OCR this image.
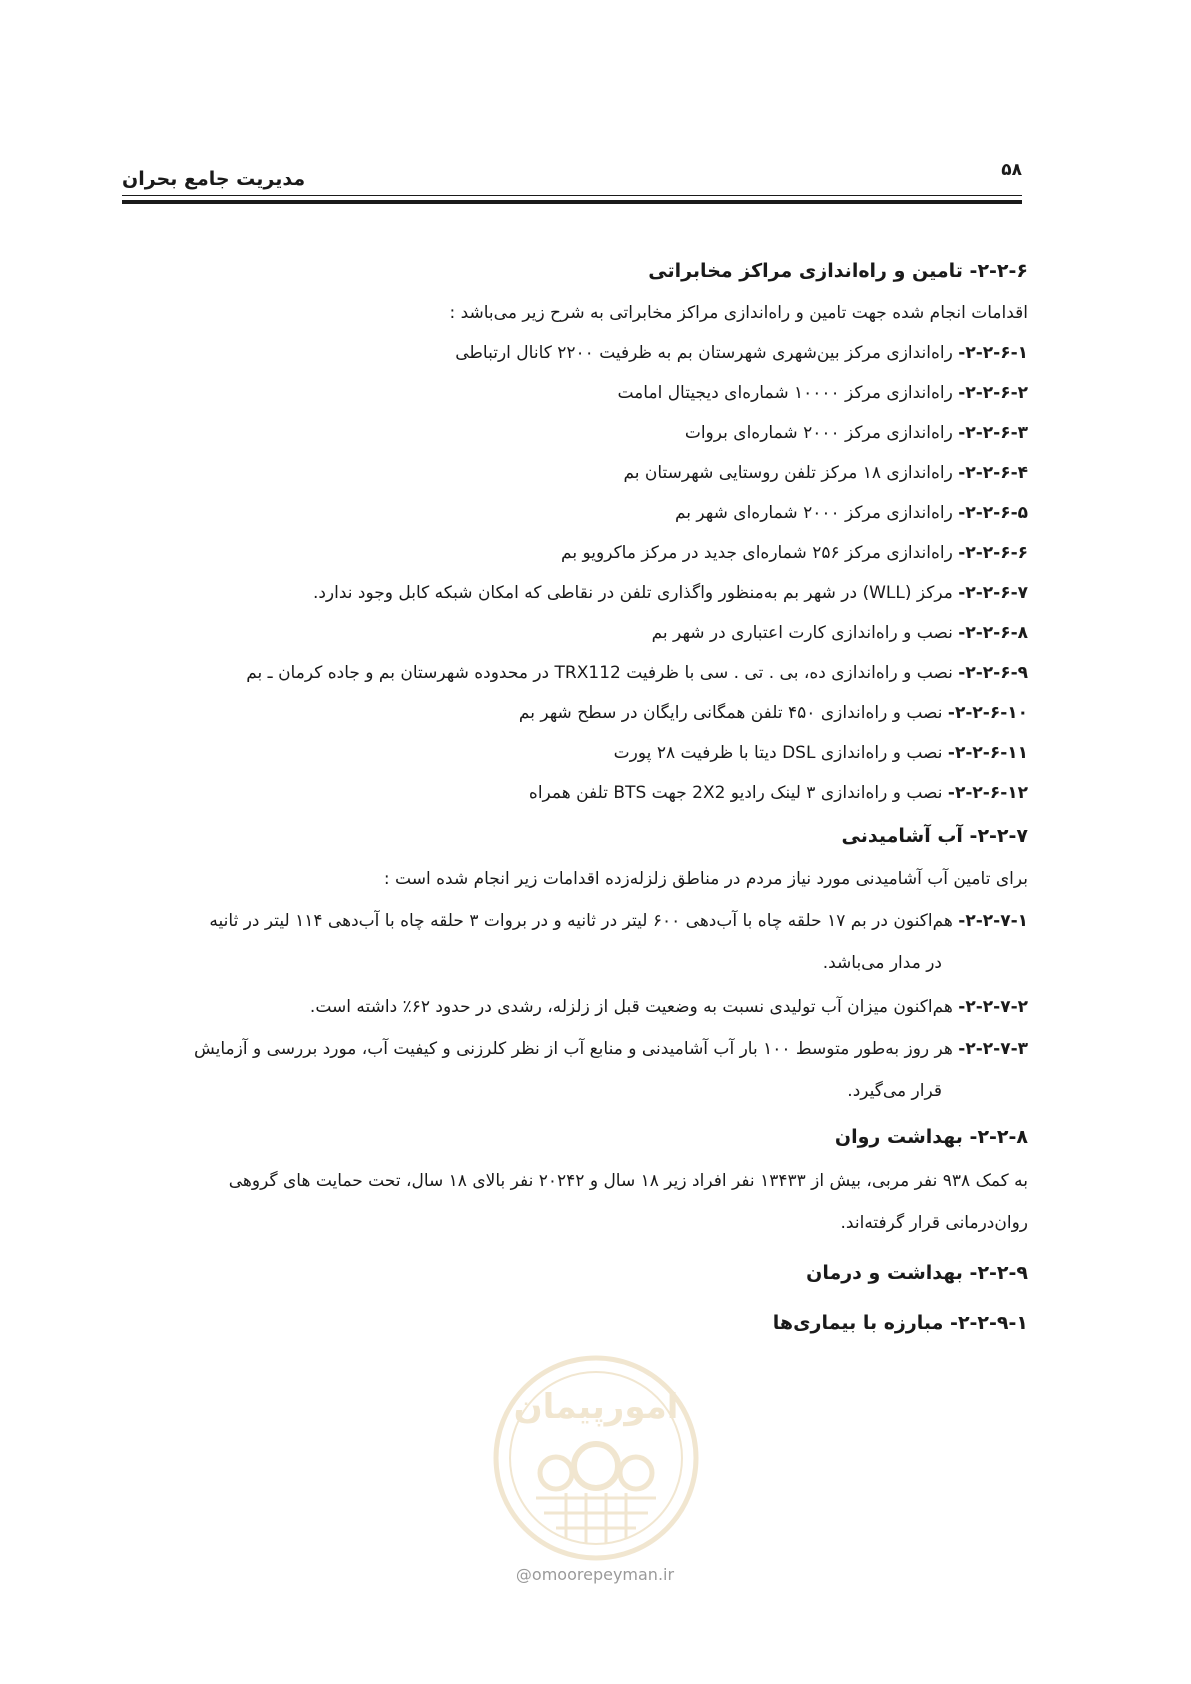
۵۸
مدیریت جامع بحران
۲-۲-۶- تامین و راه‌اندازی مراکز مخابراتی
اقدامات انجام شده جهت تامین و راه‌اندازی مراکز مخابراتی به شرح زیر می‌باشد :
۲-۲-۶-۱- راه‌اندازی مرکز بین‌شهری شهرستان بم به ظرفیت ۲۲۰۰ کانال ارتباطی
۲-۲-۶-۲- راه‌اندازی مرکز ۱۰۰۰۰ شماره‌ای دیجیتال امامت
۲-۲-۶-۳- راه‌اندازی مرکز ۲۰۰۰ شماره‌ای بروات
۲-۲-۶-۴- راه‌اندازی ۱۸ مرکز تلفن روستایی شهرستان بم
۲-۲-۶-۵- راه‌اندازی مرکز ۲۰۰۰ شماره‌ای شهر بم
۲-۲-۶-۶- راه‌اندازی مرکز ۲۵۶ شماره‌ای جدید در مرکز ماکرویو بم
۲-۲-۶-۷- مرکز (WLL) در شهر بم به‌منظور واگذاری تلفن در نقاطی که امکان شبکه کابل وجود ندارد.
۲-۲-۶-۸- نصب و راه‌اندازی کارت اعتباری در شهر بم
۲-۲-۶-۹- نصب و راه‌اندازی ده، بی . تی . سی با ظرفیت TRX112 در محدوده شهرستان بم و جاده کرمان ـ بم
۲-۲-۶-۱۰- نصب و راه‌اندازی ۴۵۰ تلفن همگانی رایگان در سطح شهر بم
۲-۲-۶-۱۱- نصب و راه‌اندازی DSL دیتا با ظرفیت ۲۸ پورت
۲-۲-۶-۱۲- نصب و راه‌اندازی ۳ لینک رادیو 2X2 جهت BTS تلفن همراه
۲-۲-۷- آب آشامیدنی
برای تامین آب آشامیدنی مورد نیاز مردم در مناطق زلزله‌زده اقدامات زیر انجام شده است :
۲-۲-۷-۱- هم‌اکنون در بم ۱۷ حلقه چاه با آب‌دهی ۶۰۰ لیتر در ثانیه و در بروات ۳ حلقه چاه با آب‌دهی ۱۱۴ لیتر در ثانیه
در مدار می‌باشد.
۲-۲-۷-۲- هم‌اکنون میزان آب تولیدی نسبت به وضعیت قبل از زلزله، رشدی در حدود ۶۲٪ داشته است.
۲-۲-۷-۳- هر روز به‌طور متوسط ۱۰۰ بار آب آشامیدنی و منابع آب از نظر کلرزنی و کیفیت آب، مورد بررسی و آزمایش
قرار می‌گیرد.
۲-۲-۸- بهداشت روان
به کمک ۹۳۸ نفر مربی، بیش از ۱۳۴۳۳ نفر افراد زیر ۱۸ سال و ۲۰۲۴۲ نفر بالای ۱۸ سال، تحت حمایت های گروهی
روان‌درمانی قرار گرفته‌اند.
۲-۲-۹- بهداشت و درمان
۲-۲-۹-۱- مبارزه با بیماری‌ها
امورپیمان
@omoorepeyman.ir
